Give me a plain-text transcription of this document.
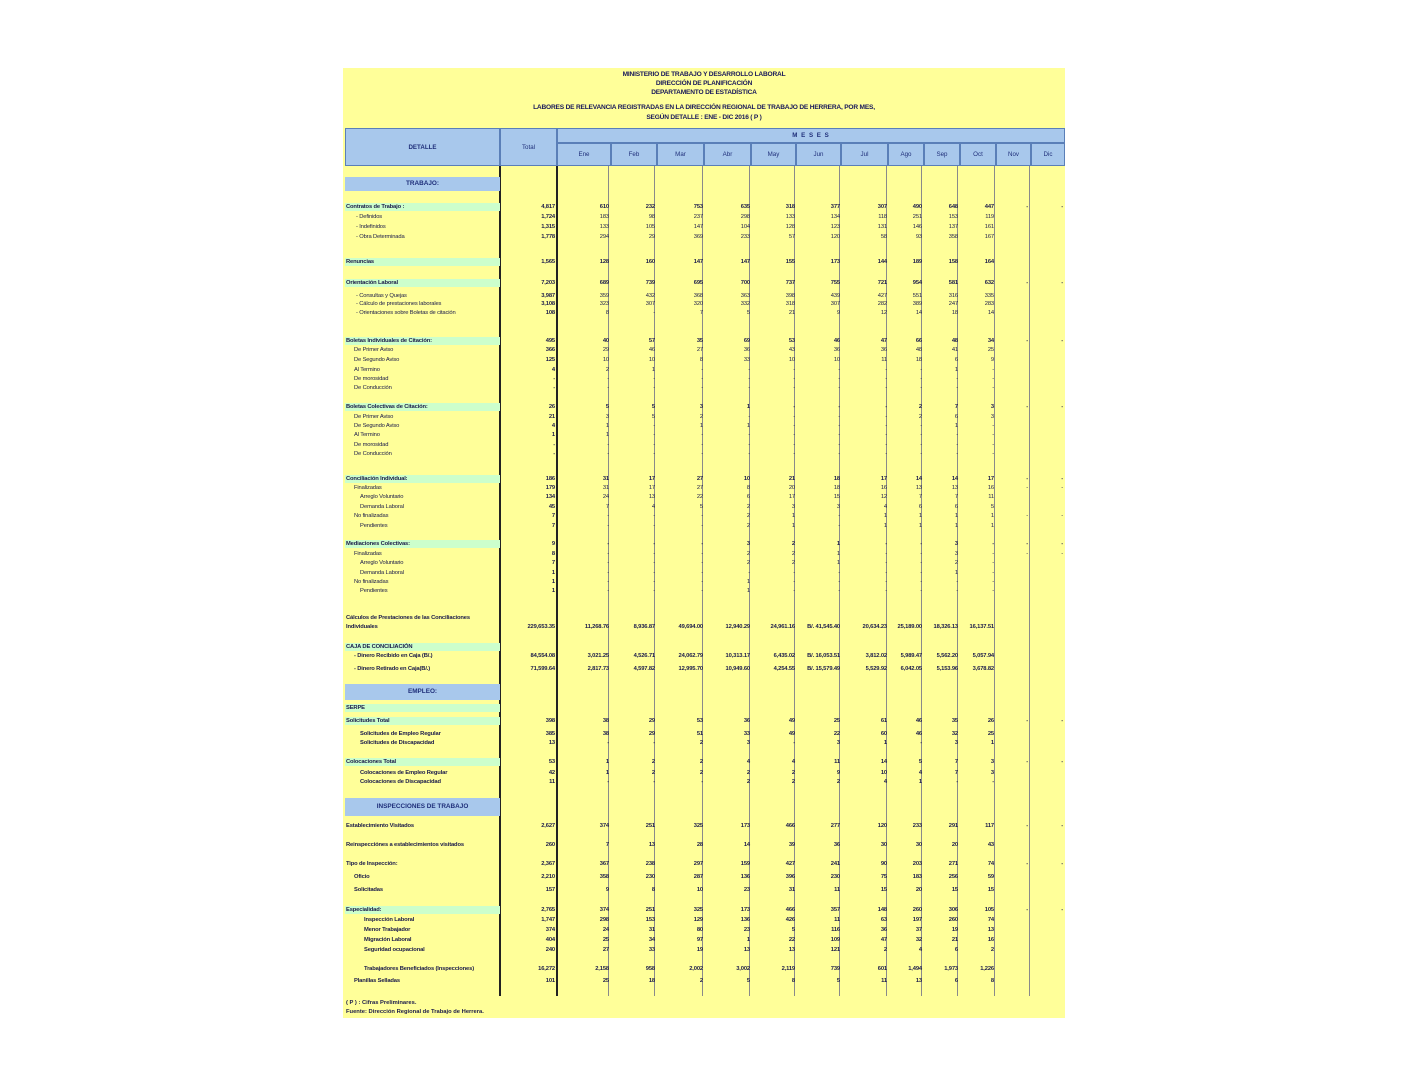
MINISTERIO DE TRABAJO Y DESARROLLO LABORAL
DIRECCIÓN DE PLANIFICACIÓN
DEPARTAMENTO DE ESTADÍSTICA
LABORES DE RELEVANCIA REGISTRADAS EN LA DIRECCIÓN REGIONAL DE TRABAJO DE HERRERA, POR MES,
SEGÚN DETALLE : ENE - DIC 2016 ( P )
DETALLE	Total
M E S E S
Ene	Feb	Mar	Abr	May	Jun	Jul	Ago	Sep	Oct	Nov	Dic
TRABAJO:
EMPLEO:
INSPECCIONES DE TRABAJO
Contratos de Trabajo :	4,817	610	232	753	635	318	377	307	490	648	447	-	-
- Definidos	1,724	183	98	237	298	133	134	118	251	153	119
- Indefinidos	1,315	133	105	147	104	128	123	131	146	137	161
- Obra Determinada	1,778	294	29	369	233	57	120	58	93	358	167
Renuncias	1,565	128	160	147	147	155	173	144	189	158	164
Orientación Laboral	7,203	689	739	695	700	737	755	721	954	581	632	-	-
- Consultas y Quejas	3,987	359	432	368	363	398	439	427	551	316	335
- Cálculo de prestaciones laborales	3,108	323	307	320	332	318	307	282	389	247	283
- Orientaciones sobre Boletas de citación	108	8	-	7	5	21	9	12	14	18	14
Boletas Individuales de Citación:	495	40	57	35	69	53	46	47	66	48	34	-	-
De Primer Aviso	366	29	46	27	36	43	36	36	48	41	25
De Segundo Aviso	125	10	10	8	33	10	10	11	18	6	9
Al Termino	4	2	1	-	-	-	-	-	-	1	-
De morosidad	-	-	-	-	-	-	-	-	-	-	-
De Conducción	-	-	-	-	-	-	-	-	-	-	-
Boletas Colectivas de Citación:	26	5	5	3	1	-	-	-	2	7	3	-	-
De Primer Aviso	21	3	5	2	-	-	-	-	2	6	3
De Segundo Aviso	4	1	-	1	1	-	-	-	-	1	-
Al Termino	1	1	-	-	-	-	-	-	-	-	-
De morosidad	-	-	-	-	-	-	-	-	-	-	-
De Conducción	-	-	-	-	-	-	-	-	-	-	-
Conciliación Individual:	186	31	17	27	10	21	18	17	14	14	17	-	-
Finalizadas	179	31	17	27	8	20	18	16	13	13	16	-	-
Arreglo Voluntario	134	24	13	22	6	17	15	12	7	7	11
Demanda Laboral	45	7	4	5	2	3	3	4	6	6	5
No finalizadas	7	-	-	-	2	1	-	1	1	1	1	-	-
Pendientes	7	-	-	-	2	1	-	1	1	1	1
Mediaciones Colectivas:	9	-	-	-	3	2	1	-	-	3	-	-	-
Finalizadas	8	-	-	-	2	2	1	-	-	3	-	-	-
Arreglo Voluntario	7	-	-	-	2	2	1	-	-	2	-
Demanda Laboral	1	-	-	-	-	-	-	-	-	1	-
No finalizadas	1	-	-	-	1	-	-	-	-	-	-
Pendientes	1	-	-	-	1	-	-	-	-	-	-
Cálculos de Prestaciones de las Conciliaciones
Individuales	229,653.35	11,268.76	8,936.87	49,694.00	12,940.29	24,961.16 B/. 41,545.40	20,634.23 25,189.00 18,326.13 16,137.51
CAJA DE CONCILIACIÓN
- Dinero Recibido en Caja (B/.)	84,554.08	3,021.25	4,526.71	24,062.79	10,313.17	6,435.02 B/. 16,053.51	3,812.02 5,989.47	5,562.20	5,057.94
- Dinero Retirado en Caja(B/.)	71,599.64	2,817.73	4,597.82	12,995.70	10,949.60	4,254.55 B/. 15,579.49	5,529.92 6,042.05	5,153.96	3,678.82
SERPE
Solicitudes Total	398	38	29	53	36	49	25	61	46	35	26	-	-
Solicitudes de Empleo Regular	385	38	29	51	33	49	22	60	46	32	25
Solicitudes de Discapacidad	13	-	-	2	3	-	3	1	-	3	1
Colocaciones Total	53	1	2	2	4	4	11	14	5	7	3	-	-
Colocaciones de Empleo Regular	42	1	2	2	2	2	9	10	4	7	3
Colocaciones de Discapacidad	11	-	-	-	2	2	2	4	1	-	-
Establecimiento Visitados	2,627	374	251	325	173	466	277	120	233	291	117	-	-
Reinspecciónes a establecimientos visitados	260	7	13	28	14	39	36	30	30	20	43
Tipo de Inspección:	2,367	367	238	297	159	427	241	90	203	271	74	-	-
Oficio	2,210	358	230	287	136	396	230	75	183	256	59
Solicitadas	157	9	8	10	23	31	11	15	20	15	15
Especialidad:	2,765	374	251	325	173	466	357	148	260	306	105	-	-
Inspección Laboral	1,747	298	153	129	136	426	11	63	197	260	74
Menor Trabajador	374	24	31	80	23	5	116	36	37	19	13
Migración Laboral	404	25	34	97	1	22	109	47	32	21	16
Seguridad ocupacional	240	27	33	19	13	13	121	2	4	6	2
Trabajadores Beneficiados (Inspecciones)	16,272	2,158	958	2,002	3,002	2,119	739	601	1,494	1,973	1,226
Planillas Selladas	101	25	18	2	5	8	5	11	13	6	8
( P ) : Cifras Preliminares.
Fuente: Dirección Regional de Trabajo de Herrera.
